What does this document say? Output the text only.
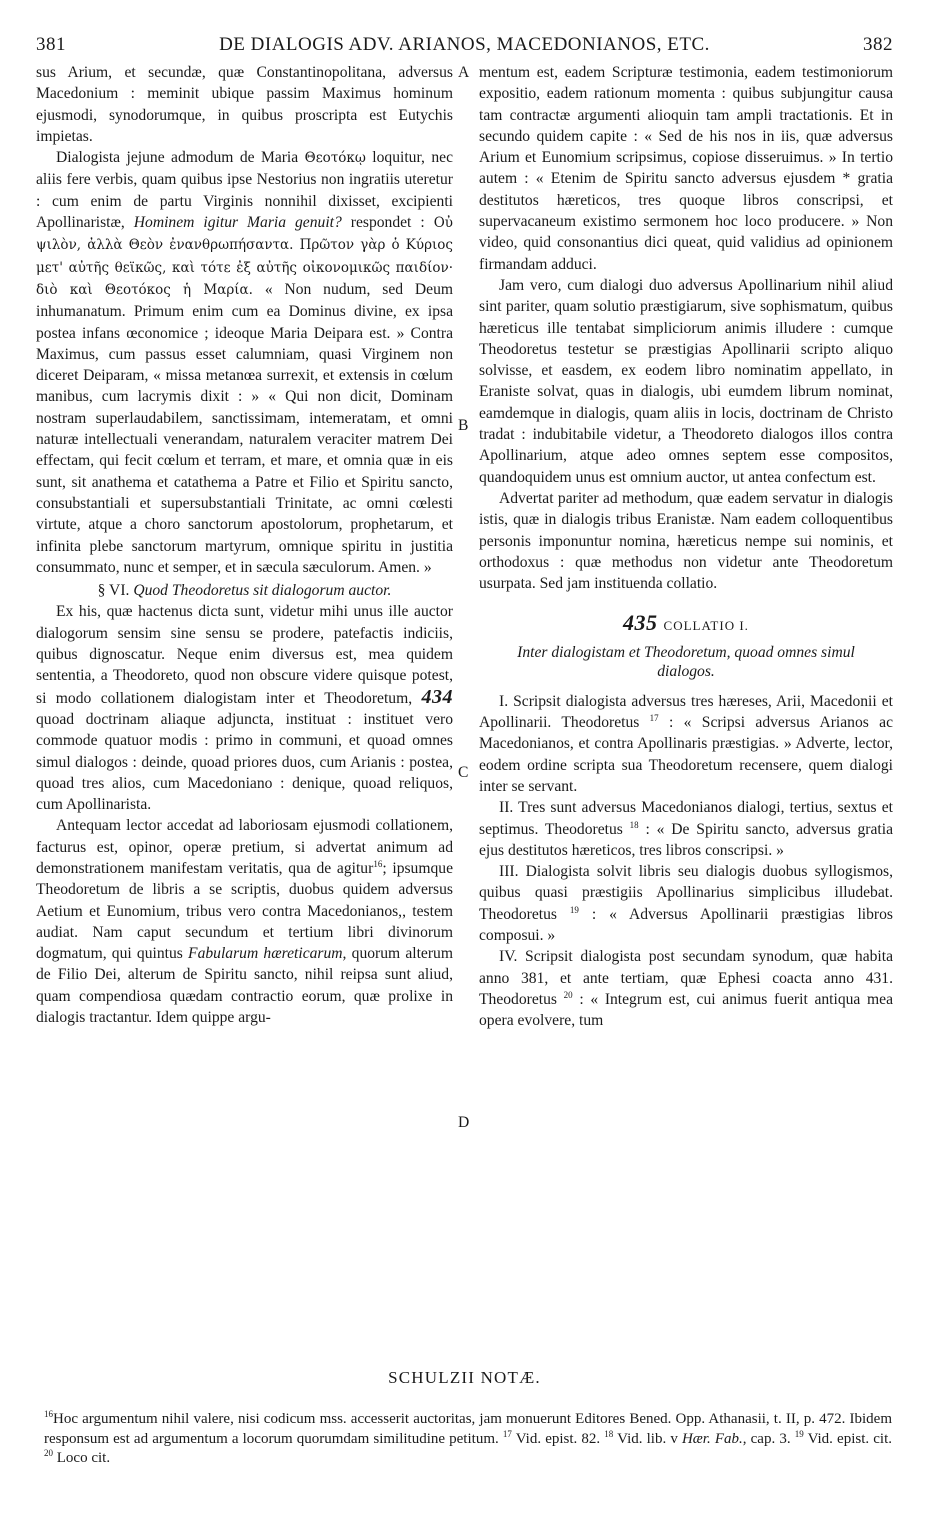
381	DE DIALOGIS ADV. ARIANOS, MACEDONIANOS, ETC.	382
A
B
C
D

sus Arium, et secundæ, quæ Constantinopolitana, adversus Macedonium : meminit ubique passim Maximus hominum ejusmodi, synodorumque, in quibus proscripta est Eutychis impietas.

Dialogista jejune admodum de Maria Θεοτόκῳ loquitur, nec aliis fere verbis, quam quibus ipse Nestorius non ingratiis uteretur : cum enim de partu Virginis nonnihil dixisset, excipienti Apollinaristæ, Hominem igitur Maria genuit? respondet : Οὐ ψιλὸν, ἀλλὰ Θεὸν ἐνανθρωπήσαντα. Πρῶτον γὰρ ὁ Κύριος μετ' αὐτῆς θεϊκῶς, καὶ τότε ἐξ αὐτῆς οἰκονομικῶς παιδίον· διὸ καὶ Θεοτόκος ἡ Μαρία. « Non nudum, sed Deum inhumanatum. Primum enim cum ea Dominus divine, ex ipsa postea infans œconomice ; ideoque Maria Deipara est. » Contra Maximus, cum passus esset calumniam, quasi Virginem non diceret Deiparam, « missa metanœa surrexit, et extensis in cœlum manibus, cum lacrymis dixit : » « Qui non dicit, Dominam nostram superlaudabilem, sanctissimam, intemeratam, et omni naturæ intellectuali venerandam, naturalem veraciter matrem Dei effectam, qui fecit cœlum et terram, et mare, et omnia quæ in eis sunt, sit anathema et catathema a Patre et Filio et Spiritu sancto, consubstantiali et supersubstantiali Trinitate, ac omni cœlesti virtute, atque a choro sanctorum apostolorum, prophetarum, et infinita plebe sanctorum martyrum, omnique spiritu in justitia consummato, nunc et semper, et in sæcula sæculorum. Amen. »

§ VI. Quod Theodoretus sit dialogorum auctor.

Ex his, quæ hactenus dicta sunt, videtur mihi unus ille auctor dialogorum sensim sine sensu se prodere, patefactis indiciis, quibus dignoscatur. Neque enim diversus est, mea quidem sententia, a Theodoreto, quod non obscure videre quisque potest, si modo collationem dialogistam inter et Theodoretum, 434 quoad doctrinam aliaque adjuncta, instituat : instituet vero commode quatuor modis : primo in communi, et quoad omnes simul dialogos : deinde, quoad priores duos, cum Arianis : postea, quoad tres alios, cum Macedoniano : denique, quoad reliquos, cum Apollinarista.

Antequam lector accedat ad laboriosam ejusmodi collationem, facturus est, opinor, operæ pretium, si advertat animum ad demonstrationem manifestam veritatis, qua de agitur$^{16}$; ipsumque Theodoretum de libris a se scriptis, duobus quidem adversus Aetium et Eunomium, tribus vero contra Macedonianos,, testem audiat. Nam caput secundum et tertium libri divinorum dogmatum, qui quintus Fabularum hæreticarum, quorum alterum de Filio Dei, alterum de Spiritu sancto, nihil reipsa sunt aliud, quam compendiosa quædam contractio eorum, quæ prolixe in dialogis tractantur. Idem quippe argu-

mentum est, eadem Scripturæ testimonia, eadem testimoniorum expositio, eadem rationum momenta : quibus subjungitur causa tam contractæ argumenti alioquin tam ampli tractationis. Et in secundo quidem capite : « Sed de his nos in iis, quæ adversus Arium et Eunomium scripsimus, copiose disseruimus. » In tertio autem : « Etenim de Spiritu sancto adversus ejusdem * gratia destitutos hæreticos, tres quoque libros conscripsi, et supervacaneum existimo sermonem hoc loco producere. » Non video, quid consonantius dici queat, quid validius ad opinionem firmandam adduci.

Jam vero, cum dialogi duo adversus Apollinarium nihil aliud sint pariter, quam solutio præstigiarum, sive sophismatum, quibus hæreticus ille tentabat simpliciorum animis illudere : cumque Theodoretus testetur se præstigias Apollinarii scripto aliquo solvisse, et easdem, ex eodem libro nominatim appellato, in Eraniste solvat, quas in dialogis, ubi eumdem librum nominat, eamdemque in dialogis, quam aliis in locis, doctrinam de Christo tradat : indubitabile videtur, a Theodoreto dialogos illos contra Apollinarium, atque adeo omnes septem esse compositos, quandoquidem unus est omnium auctor, ut antea confectum est.

Advertat pariter ad methodum, quæ eadem servatur in dialogis istis, quæ in dialogis tribus Eranistæ. Nam eadem colloquentibus personis imponuntur nomina, hæreticus nempe sui nominis, et orthodoxus : quæ methodus non videtur ante Theodoretum usurpata. Sed jam instituenda collatio.

435 COLLATIO I.

Inter dialogistam et Theodoretum, quoad omnes simul dialogos.

I. Scripsit dialogista adversus tres hæreses, Arii, Macedonii et Apollinarii. Theodoretus $^{17}$ : « Scripsi adversus Arianos ac Macedonianos, et contra Apollinaris præstigias. » Adverte, lector, eodem ordine scripta sua Theodoretum recensere, quem dialogi inter se servant.

II. Tres sunt adversus Macedonianos dialogi, tertius, sextus et septimus. Theodoretus $^{18}$ : « De Spiritu sancto, adversus gratia ejus destitutos hæreticos, tres libros conscripsi. »

III. Dialogista solvit libris seu dialogis duobus syllogismos, quibus quasi præstigiis Apollinarius simplicibus illudebat. Theodoretus $^{19}$ : « Adversus Apollinarii præstigias libros composui. »

IV. Scripsit dialogista post secundam synodum, quæ habita anno 381, et ante tertiam, quæ Ephesi coacta anno 431. Theodoretus $^{20}$ : « Integrum est, cui animus fuerit antiqua mea opera evolvere, tum

SCHULZII NOTÆ.
$^{16}$Hoc argumentum nihil valere, nisi codicum mss. accesserit auctoritas, jam monuerunt Editores Bened. Opp. Athanasii, t. II, p. 472. Ibidem responsum est ad argumentum a locorum quorumdam similitudine petitum. $^{17}$ Vid. epist. 82. $^{18}$ Vid. lib. v Hær. Fab., cap. 3. $^{19}$ Vid. epist. cit. $^{20}$ Loco cit.
